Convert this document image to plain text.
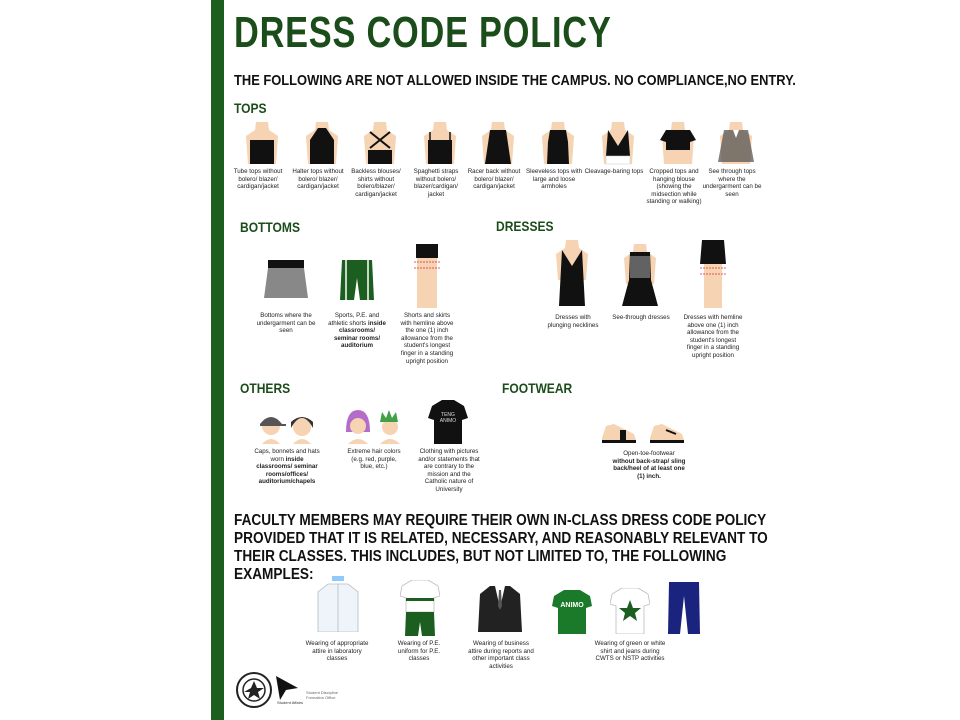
DRESS CODE POLICY
THE FOLLOWING ARE NOT ALLOWED INSIDE THE CAMPUS. NO COMPLIANCE,NO ENTRY.
TOPS
Tube tops without bolero/ blazer/ cardigan/jacket
Halter tops without bolero/ blazer/ cardigan/jacket
Backless blouses/ shirts without bolero/blazer/ cardigan/jacket
Spaghetti straps without bolero/ blazer/cardigan/ jacket
Racer back without bolero/ blazer/ cardigan/jacket
Sleeveless tops with large and loose armholes
Cleavage-baring tops Cropped tops and hanging blouse (showing the midsection while standing or walking)
See through tops where the undergarment can be seen
BOTTOMS
Bottoms where the undergarment can be seen
Sports, P.E. and athletic shorts inside classrooms/ seminar rooms/ auditorium
Shorts and skirts with hemline above the one (1) inch allowance from the student's longest finger in a standing upright position
DRESSES
Dresses with plunging necklines
See-through dresses Dresses with hemline above one (1) inch allowance from the student's longest finger in a standing upright position
OTHERS
TENG ANIMO
Caps, bonnets and hats worn inside classrooms/ seminar rooms/offices/ auditorium/chapels
Extreme hair colors (e.g. red, purple, blue, etc.)
Clothing with pictures and/or statements that are contrary to the mission and the Catholic nature of University
FOOTWEAR
Open-toe-footwear without back-strap/ sling back/heel of at least one (1) inch.
FACULTY MEMBERS MAY REQUIRE THEIR OWN IN-CLASS DRESS CODE POLICY PROVIDED THAT IT IS RELATED, NECESSARY, AND REASONABLY RELEVANT TO THEIR CLASSES. THIS INCLUDES, BUT NOT LIMITED TO, THE FOLLOWING EXAMPLES:
ANIMO
Wearing of appropriate attire in laboratory classes
Wearing of P.E. uniform for P.E. classes
Wearing of business attire during reports and other important class activities
Wearing of green or white shirt and jeans during CWTS or NSTP activities
Student Affairs
Student Discipline Formation Office
